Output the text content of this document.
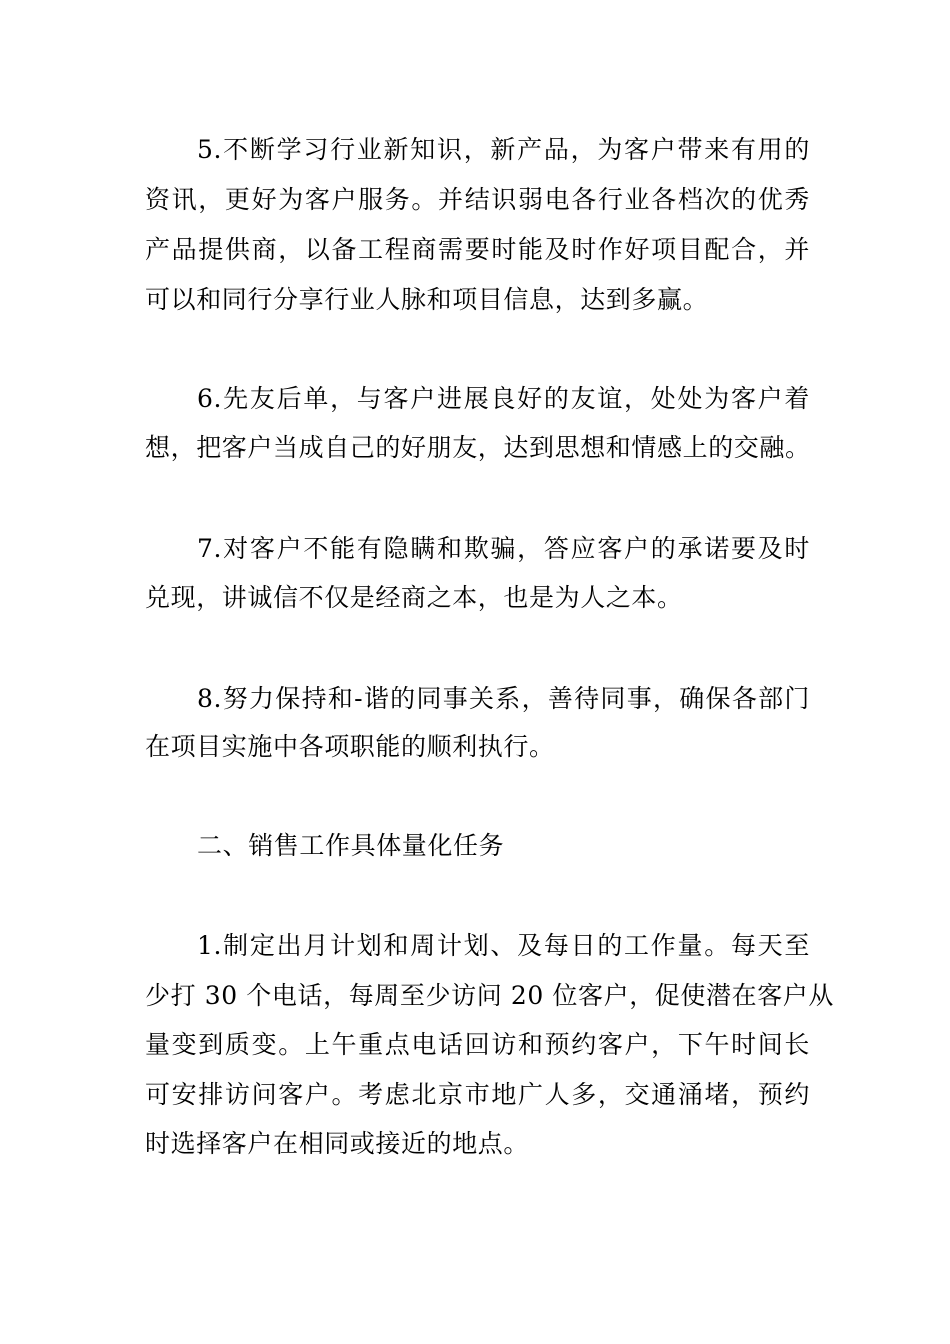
5.不断学习行业新知识，新产品，为客户带来有用的
资讯，更好为客户服务。并结识弱电各行业各档次的优秀
产品提供商，以备工程商需要时能及时作好项目配合，并
可以和同行分享行业人脉和项目信息，达到多赢。
6.先友后单，与客户进展良好的友谊，处处为客户着
想，把客户当成自己的好朋友，达到思想和情感上的交融。
7.对客户不能有隐瞒和欺骗，答应客户的承诺要及时
兑现，讲诚信不仅是经商之本，也是为人之本。
8.努力保持和-谐的同事关系，善待同事，确保各部门
在项目实施中各项职能的顺利执行。
二、销售工作具体量化任务
1.制定出月计划和周计划、及每日的工作量。每天至
少打 30 个电话，每周至少访问 20 位客户，促使潜在客户从
量变到质变。上午重点电话回访和预约客户，下午时间长
可安排访问客户。考虑北京市地广人多，交通涌堵，预约
时选择客户在相同或接近的地点。
